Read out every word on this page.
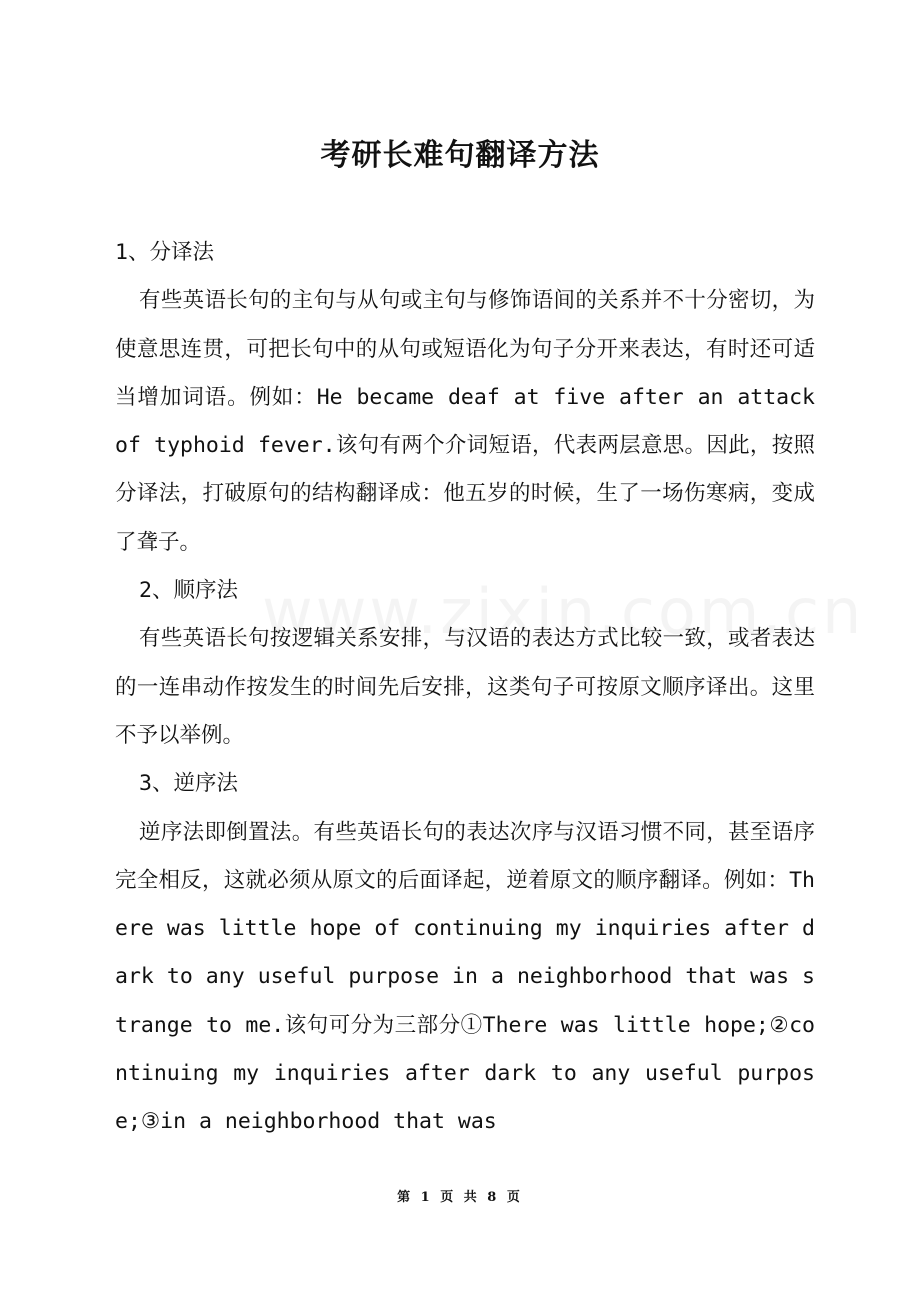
考研长难句翻译方法

1、分译法

有些英语长句的主句与从句或主句与修饰语间的关系并不十分密切，为使意思连贯，可把长句中的从句或短语化为句子分开来表达，有时还可适当增加词语。例如：He became deaf at five after an attack of typhoid fever.该句有两个介词短语，代表两层意思。因此，按照分译法，打破原句的结构翻译成：他五岁的时候，生了一场伤寒病，变成了聋子。

2、顺序法

有些英语长句按逻辑关系安排，与汉语的表达方式比较一致，或者表达的一连串动作按发生的时间先后安排，这类句子可按原文顺序译出。这里不予以举例。

3、逆序法

逆序法即倒置法。有些英语长句的表达次序与汉语习惯不同，甚至语序完全相反，这就必须从原文的后面译起，逆着原文的顺序翻译。例如：There was little hope of continuing my inquiries after dark to any useful purpose in a neighborhood that was strange to me.该句可分为三部分①There was little hope;②continuing my inquiries after dark to any useful purpose;③in a neighborhood that was

第 1 页 共 8 页
